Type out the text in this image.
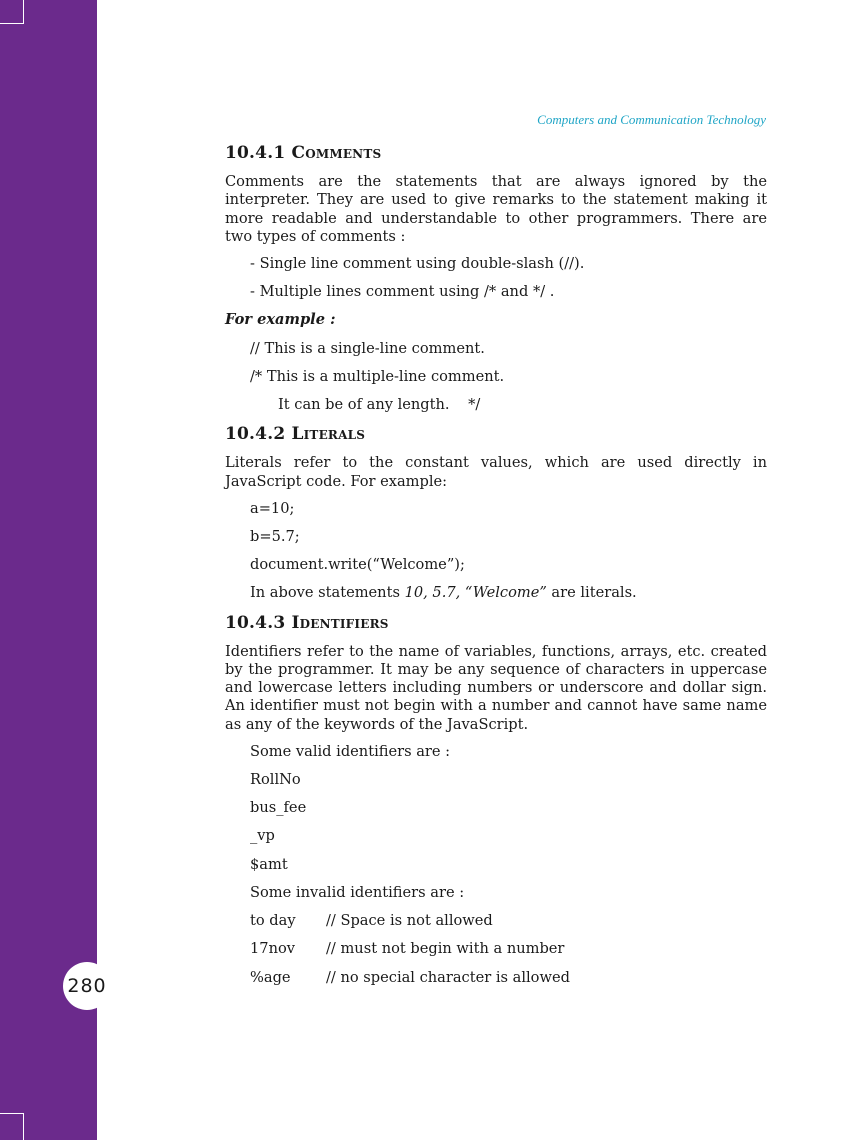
280
Computers and Communication Technology
10.4.1 Comments
Comments are the statements that are always ignored by the interpreter. They are used to give remarks to the statement making it more readable and understandable to other programmers. There are two types of comments :
- Single line comment using double-slash (//).
- Multiple lines comment using /* and */ .
For example :
// This is a single-line comment.
/* This is a multiple-line comment.
It can be of any length.    */
10.4.2 Literals
Literals refer to the constant values, which are used directly in JavaScript code. For example:
a=10;
b=5.7;
document.write(“Welcome”);
In above statements 10, 5.7, “Welcome” are literals.
10.4.3 Identifiers
Identifiers refer to the name of variables, functions, arrays, etc. created by the programmer. It may be any sequence of characters in uppercase and lowercase letters including numbers or underscore and dollar sign. An identifier must not begin with a number and cannot have same name as any of the keywords of the JavaScript.
Some valid identifiers are :
RollNo
bus_fee
_vp
$amt
Some invalid identifiers are :
to day	// Space is not allowed
17nov	// must not begin with a number
%age	// no special character is allowed
